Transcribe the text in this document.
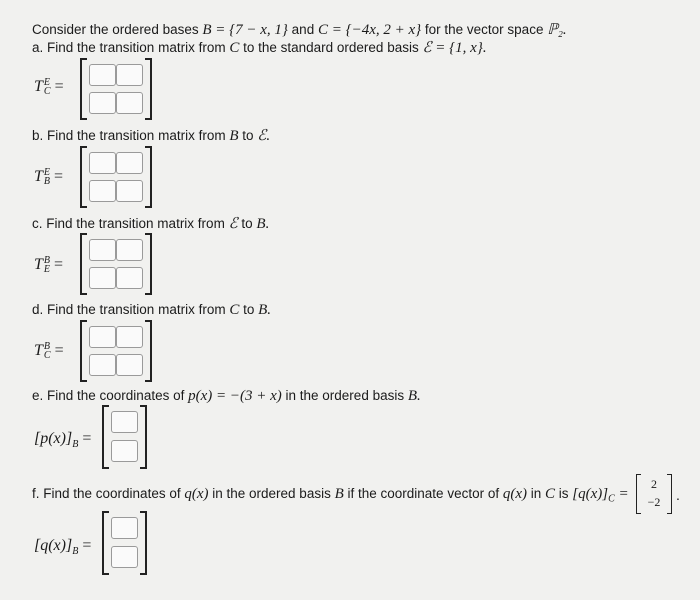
Consider the ordered bases B = {7 − x, 1} and C = {−4x, 2 + x} for the vector space ℙ₂.
a. Find the transition matrix from C to the standard ordered basis ℰ = {1, x}.
TE
C =
b. Find the transition matrix from B to ℰ.
TE
B =
c. Find the transition matrix from ℰ to B.
TB
E =
d. Find the transition matrix from C to B.
TB
C =
e. Find the coordinates of p(x) = −(3 + x) in the ordered basis B.
$[p(x)]_B$ =
f. Find the coordinates of q(x) in the ordered basis B if the coordinate vector of q(x) in C is $[q(x)]_C$ =
2
−2 .
$[q(x)]_B$ =
